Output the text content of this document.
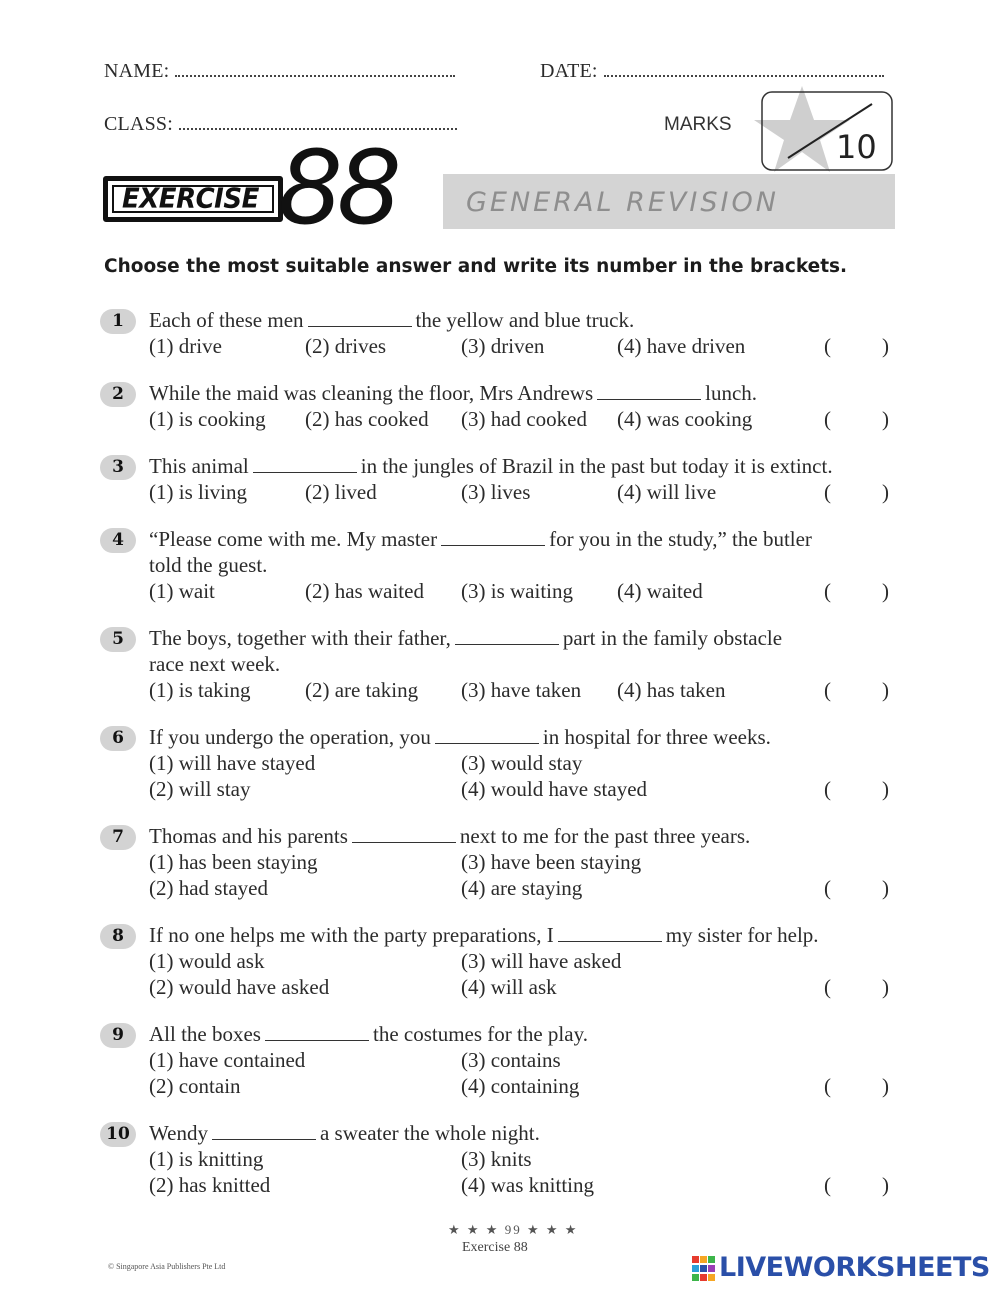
NAME:	DATE:
CLASS:	MARKS
10
EXERCISE 88	GENERAL REVISION
Choose the most suitable answer and write its number in the brackets.
1	Each of these men	the yellow and blue truck.
(1) drive	(2) drives	(3) driven	(4) have driven	( )
2	While the maid was cleaning the floor, Mrs Andrews	lunch.
(1) is cooking (2) has cooked (3) had cooked (4) was cooking	( )
3	This animal	in the jungles of Brazil in the past but today it is extinct.
(1) is living	(2) lived	(3) lives	(4) will live	( )
4	“Please come with me. My master	for you in the study,” the butler
told the guest.
(1) wait	(2) has waited (3) is waiting (4) waited	( )
5	The boys, together with their father,	part in the family obstacle
race next week.
(1) is taking	(2) are taking (3) have taken (4) has taken	( )
6	If you undergo the operation, you	in hospital for three weeks.
(1) will have stayed	(3) would stay
(2) will stay	(4) would have stayed	( )
7	Thomas and his parents	next to me for the past three years.
(1) has been staying	(3) have been staying
(2) had stayed	(4) are staying	( )
8	If no one helps me with the party preparations, I	my sister for help.
(1) would ask	(3) will have asked
(2) would have asked	(4) will ask	( )
9	All the boxes	the costumes for the play.
(1) have contained	(3) contains
(2) contain	(4) containing	( )
10 Wendy	a sweater the whole night.
(1) is knitting	(3) knits
(2) has knitted	(4) was knitting	( )
★ ★ ★ 99 ★ ★ ★
Exercise 88
© Singapore Asia Publishers Pte Ltd	LIVEWORKSHEETS
